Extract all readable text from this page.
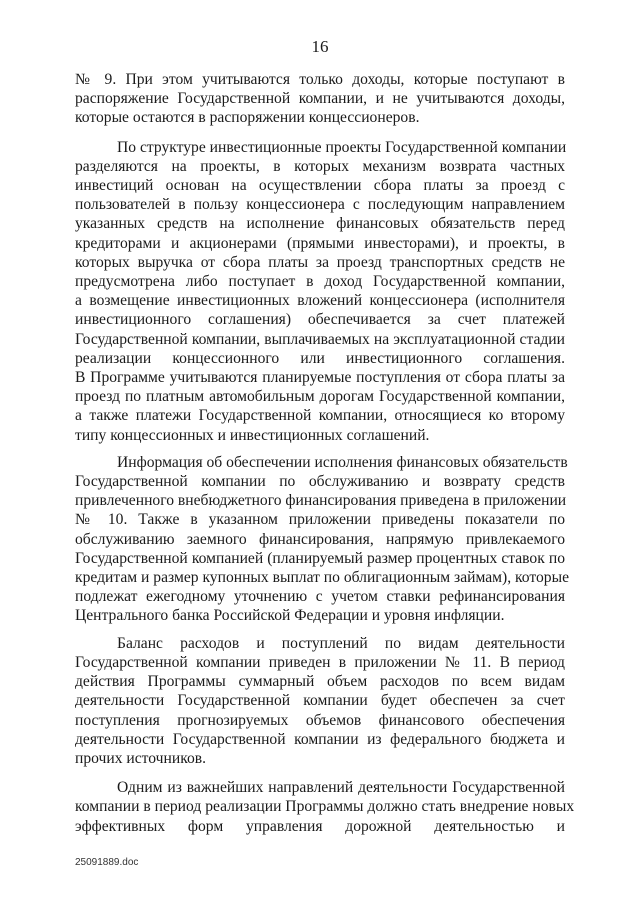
16

№ 9. При этом учитываются только доходы, которые поступают в
распоряжение Государственной компании, и не учитываются доходы,
которые остаются в распоряжении концессионеров.

По структуре инвестиционные проекты Государственной компании
разделяются на проекты, в которых механизм возврата частных
инвестиций основан на осуществлении сбора платы за проезд с
пользователей в пользу концессионера с последующим направлением
указанных средств на исполнение финансовых обязательств перед
кредиторами и акционерами (прямыми инвесторами), и проекты, в
которых выручка от сбора платы за проезд транспортных средств не
предусмотрена либо поступает в доход Государственной компании,
а возмещение инвестиционных вложений концессионера (исполнителя
инвестиционного соглашения) обеспечивается за счет платежей
Государственной компании, выплачиваемых на эксплуатационной стадии
реализации концессионного или инвестиционного соглашения.
В Программе учитываются планируемые поступления от сбора платы за
проезд по платным автомобильным дорогам Государственной компании,
а также платежи Государственной компании, относящиеся ко второму
типу концессионных и инвестиционных соглашений.

Информация об обеспечении исполнения финансовых обязательств
Государственной компании по обслуживанию и возврату средств
привлеченного внебюджетного финансирования приведена в приложении
№ 10. Также в указанном приложении приведены показатели по
обслуживанию заемного финансирования, напрямую привлекаемого
Государственной компанией (планируемый размер процентных ставок по
кредитам и размер купонных выплат по облигационным займам), которые
подлежат ежегодному уточнению с учетом ставки рефинансирования
Центрального банка Российской Федерации и уровня инфляции.

Баланс расходов и поступлений по видам деятельности
Государственной компании приведен в приложении № 11. В период
действия Программы суммарный объем расходов по всем видам
деятельности Государственной компании будет обеспечен за счет
поступления прогнозируемых объемов финансового обеспечения
деятельности Государственной компании из федерального бюджета и
прочих источников.

Одним из важнейших направлений деятельности Государственной
компании в период реализации Программы должно стать внедрение новых
эффективных форм управления дорожной деятельностью и

25091889.doc
